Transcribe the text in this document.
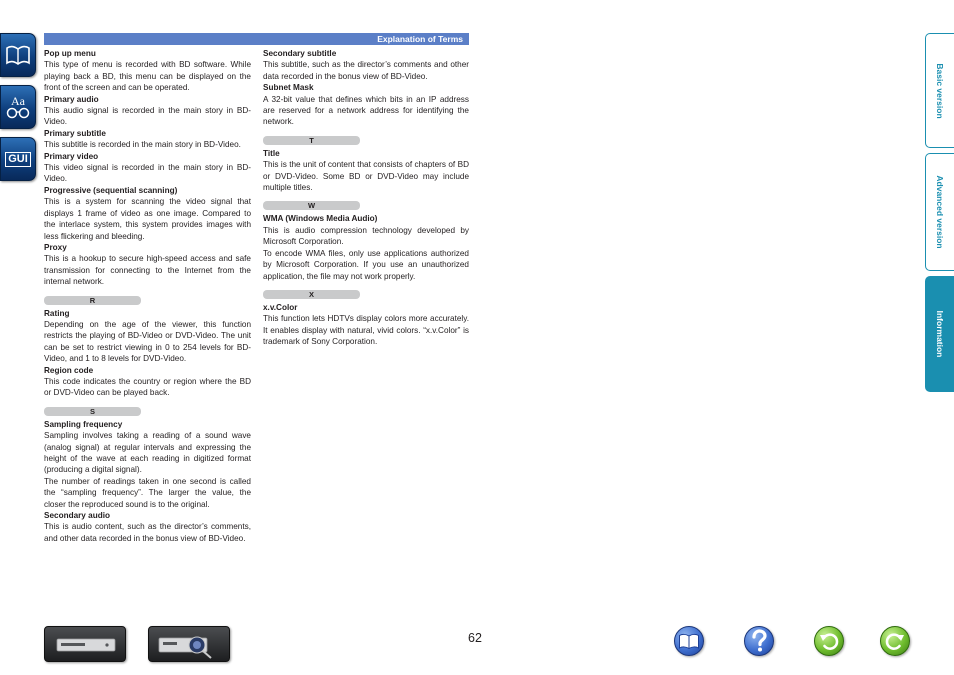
Aa
GUI
Explanation of Terms
Pop up menu
This type of menu is recorded with BD software. While playing back a BD, this menu can be displayed on the front of the screen and can be operated.
Primary audio
This audio signal is recorded in the main story in BD-Video.
Primary subtitle
This subtitle is recorded in the main story in BD-Video.
Primary video
This video signal is recorded in the main story in BD-Video.
Progressive (sequential scanning)
This is a system for scanning the video signal that displays 1 frame of video as one image. Compared to the interlace system, this system provides images with less flickering and bleeding.
Proxy
This is a hookup to secure high-speed access and safe transmission for connecting to the Internet from the internal network.
R
Rating
Depending on the age of the viewer, this function restricts the playing of BD-Video or DVD-Video. The unit can be set to restrict viewing in 0 to 254 levels for BD-Video, and 1 to 8 levels for DVD-Video.
Region code
This code indicates the country or region where the BD or DVD-Video can be played back.
S
Sampling frequency
Sampling involves taking a reading of a sound wave (analog signal) at regular intervals and expressing the height of the wave at each reading in digitized format (producing a digital signal).
The number of readings taken in one second is called the “sampling frequency”. The larger the value, the closer the reproduced sound is to the original.
Secondary audio
This is audio content, such as the director’s comments, and other data recorded in the bonus view of BD-Video.
Secondary subtitle
This subtitle, such as the director’s comments and other data recorded in the bonus view of BD-Video.
Subnet Mask
A 32-bit value that defines which bits in an IP address are reserved for a network address for identifying the network.
T
Title
This is the unit of content that consists of chapters of BD or DVD-Video. Some BD or DVD-Video may include multiple titles.
W
WMA (Windows Media Audio)
This is audio compression technology developed by Microsoft Corporation.
To encode WMA files, only use applications authorized by Microsoft Corporation. If you use an unauthorized application, the file may not work properly.
X
x.v.Color
This function lets HDTVs display colors more accurately. It enables display with natural, vivid colors. “x.v.Color” is trademark of Sony Corporation.
Basic version
Advanced version
Information
62
